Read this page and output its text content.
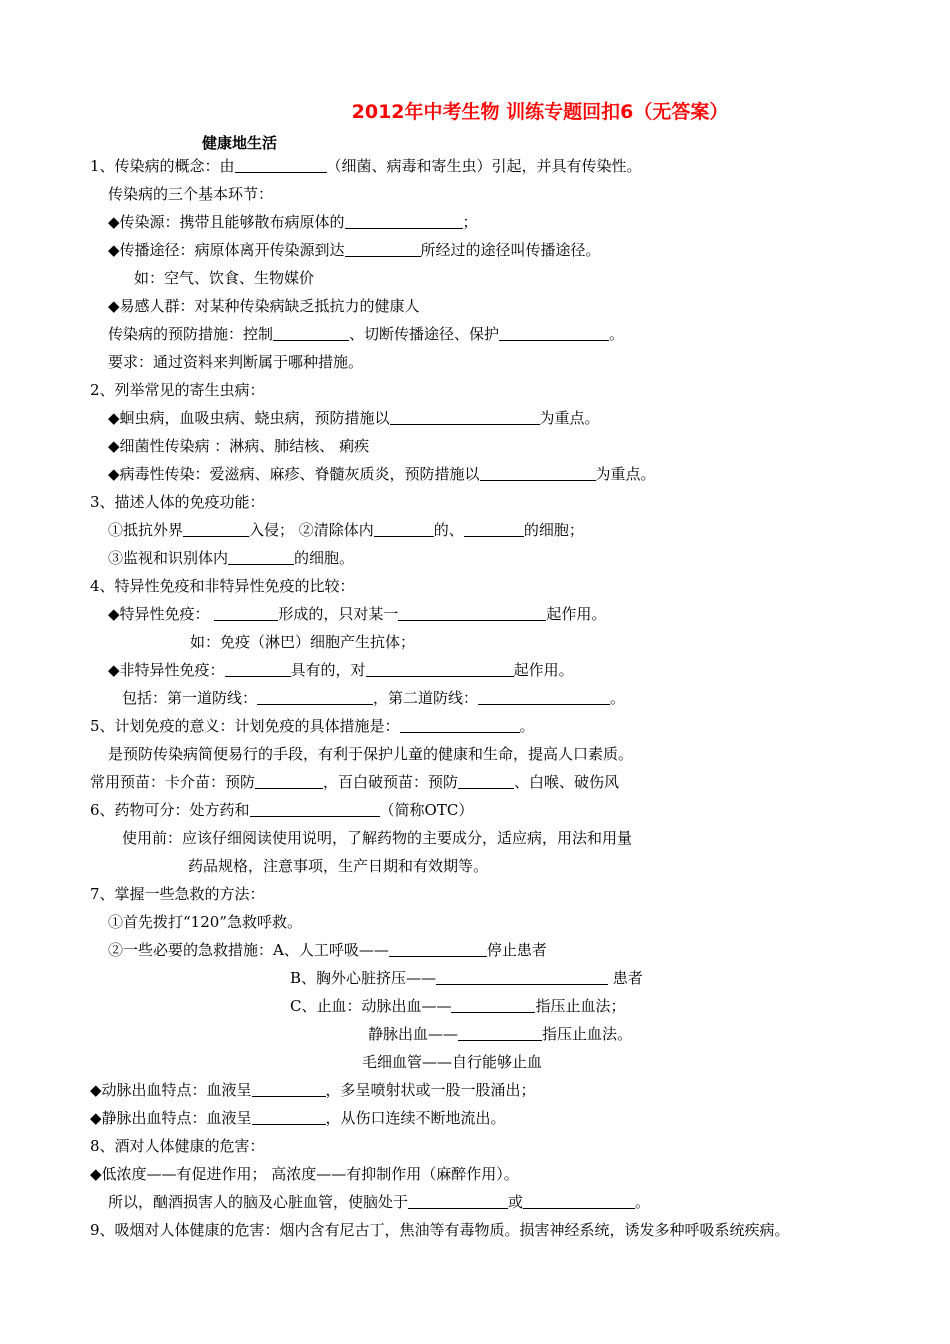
2012年中考生物 训练专题回扣6（无答案）
健康地生活
1、传染病的概念：由	（细菌、病毒和寄生虫）引起，并具有传染性。
传染病的三个基本环节：
◆传染源：携带且能够散布病原体的	；
◆传播途径：病原体离开传染源到达	所经过的途径叫传播途径。
如：空气、饮食、生物媒价
◆易感人群：对某种传染病缺乏抵抗力的健康人
传染病的预防措施：控制	、切断传播途径、保护	。
要求：通过资料来判断属于哪种措施。
2、列举常见的寄生虫病：
◆蛔虫病，血吸虫病、蛲虫病，预防措施以	为重点。
◆细菌性传染病 ：淋病、肺结核、 痢疾
◆病毒性传染：爱滋病、麻疹、脊髓灰质炎，预防措施以	为重点。
3、描述人体的免疫功能：
①抵抗外界	入侵； ②清除体内	的、	的细胞；
③监视和识别体内	的细胞。
4、特异性免疫和非特异性免疫的比较：
◆特异性免疫：	形成的，只对某一	起作用。
如：免疫（淋巴）细胞产生抗体；
◆非特异性免疫：	具有的，对	起作用。
包括：第一道防线：	，第二道防线：	。
5、计划免疫的意义：计划免疫的具体措施是：	。
是预防传染病简便易行的手段，有利于保护儿童的健康和生命，提高人口素质。
常用预苗：卡介苗：预防	，百白破预苗：预防	、白喉、破伤风
6、药物可分：处方药和	（简称OTC）
使用前：应该仔细阅读使用说明，了解药物的主要成分，适应病，用法和用量
药品规格，注意事项，生产日期和有效期等。
7、掌握一些急救的方法：
①首先拨打“120”急救呼救。
②一些必要的急救措施：A、人工呼吸——	停止患者
B、胸外心脏挤压——	患者
C、止血：动脉出血——	指压止血法；
静脉出血——	指压止血法。
毛细血管——自行能够止血
◆动脉出血特点：血液呈	，多呈喷射状或一股一股涌出；
◆静脉出血特点：血液呈	，从伤口连续不断地流出。
8、酒对人体健康的危害：
◆低浓度——有促进作用； 高浓度——有抑制作用（麻醉作用）。
所以，酗酒损害人的脑及心脏血管，使脑处于	或	。
9、吸烟对人体健康的危害：烟内含有尼古丁，焦油等有毒物质。损害神经系统，诱发多种呼吸系统疾病。
